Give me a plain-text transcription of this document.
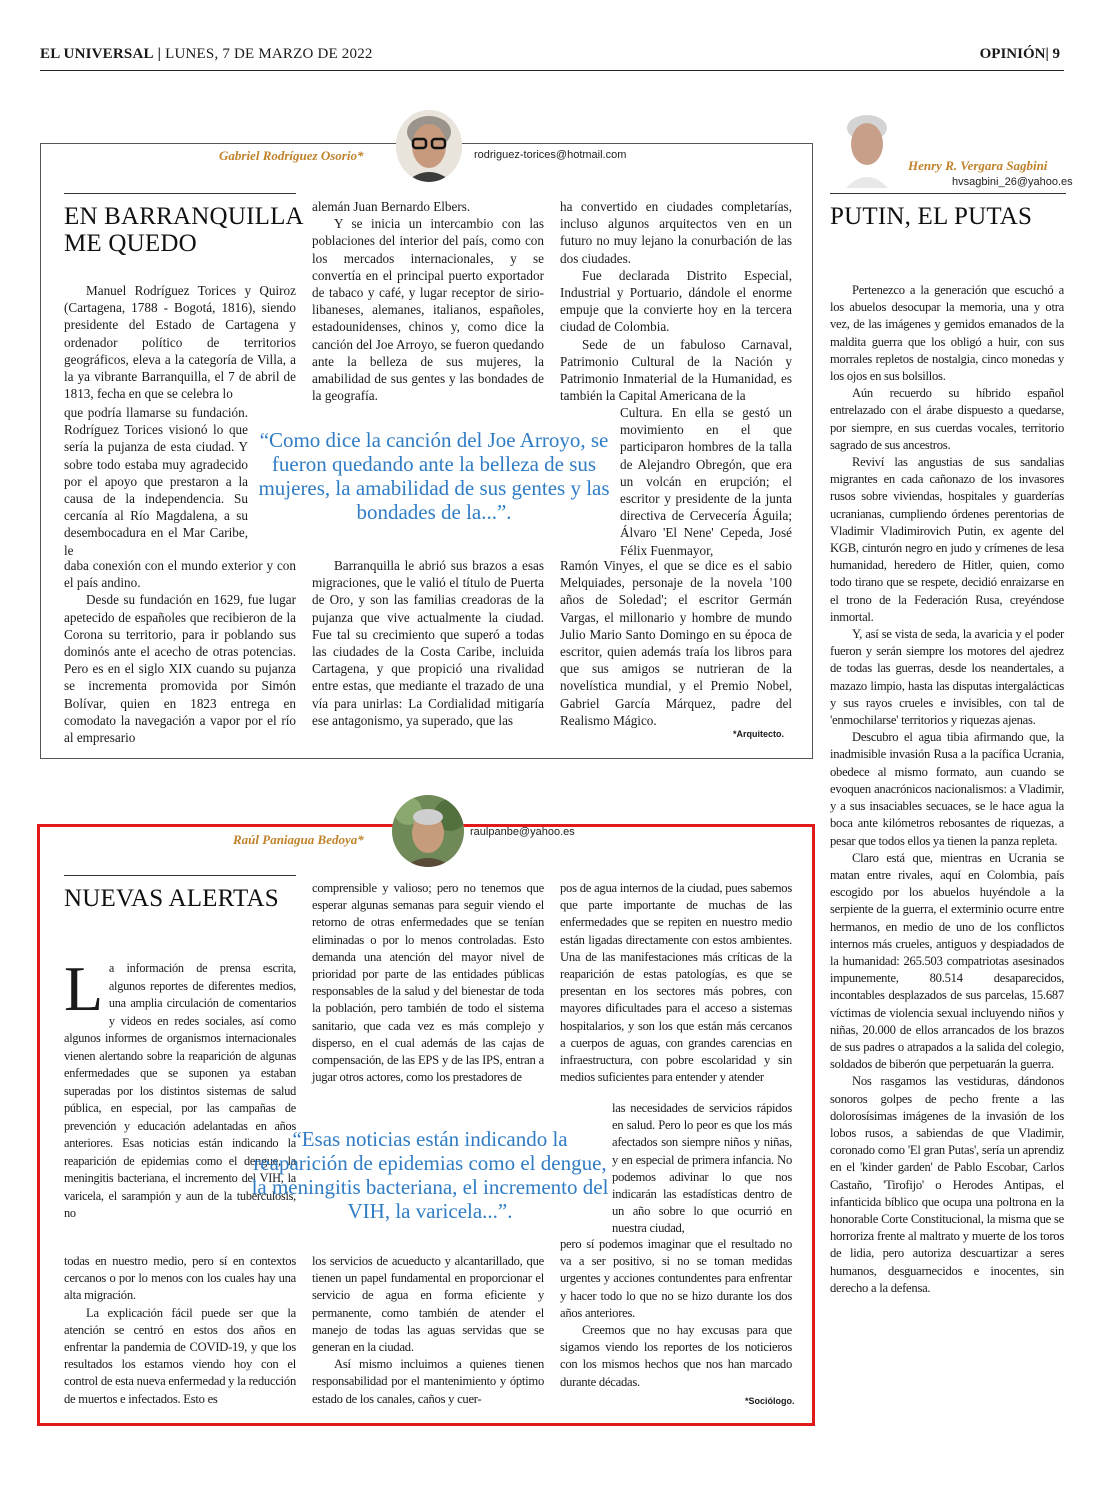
EL UNIVERSAL | LUNES, 7 DE MARZO DE 2022	OPINIÓN| 9
Gabriel Rodríguez Osorio*	rodriguez-torices@hotmail.com
EN BARRANQUILLA ME QUEDO

Manuel Rodríguez Torices y Quiroz (Cartagena, 1788 - Bogotá, 1816), siendo presidente del Estado de Cartagena y ordenador político de territorios geográficos, eleva a la categoría de Villa, a la ya vibrante Barranquilla, el 7 de abril de 1813, fecha en que se celebra lo

que podría llamarse su fundación. Rodríguez Torices visionó lo que sería la pujanza de esta ciudad. Y sobre todo estaba muy agradecido por el apoyo que prestaron a la causa de la independencia. Su cercanía al Río Magdalena, a su desembocadura en el Mar Caribe, le

daba conexión con el mundo exterior y con el país andino.

Desde su fundación en 1629, fue lugar apetecido de españoles que recibieron de la Corona su territorio, para ir poblando sus dominós ante el acecho de otras potencias. Pero es en el siglo XIX cuando su pujanza se incrementa promovida por Simón Bolívar, quien en 1823 entrega en comodato la navegación a vapor por el río al empresario

alemán Juan Bernardo Elbers.

Y se inicia un intercambio con las poblaciones del interior del país, como con los mercados internacionales, y se convertía en el principal puerto exportador de tabaco y café, y lugar receptor de sirio-libaneses, alemanes, italianos, españoles, estadounidenses, chinos y, como dice la canción del Joe Arroyo, se fueron quedando ante la belleza de sus mujeres, la amabilidad de sus gentes y las bondades de la geografía.

Barranquilla le abrió sus brazos a esas migraciones, que le valió el título de Puerta de Oro, y son las familias creadoras de la pujanza que vive actualmente la ciudad. Fue tal su crecimiento que superó a todas las ciudades de la Costa Caribe, incluida Cartagena, y que propició una rivalidad entre estas, que mediante el trazado de una vía para unirlas: La Cordialidad mitigaría ese antagonismo, ya superado, que las

ha convertido en ciudades completarías, incluso algunos arquitectos ven en un futuro no muy lejano la conurbación de las dos ciudades.

Fue declarada Distrito Especial, Industrial y Portuario, dándole el enorme empuje que la convierte hoy en la tercera ciudad de Colombia.

Sede de un fabuloso Carnaval, Patrimonio Cultural de la Nación y Patrimonio Inmaterial de la Humanidad, es también la Capital Americana de la

Cultura. En ella se gestó un movimiento en el que participaron hombres de la talla de Alejandro Obregón, que era un volcán en erupción; el escritor y presidente de la junta directiva de Cervecería Águila; Álvaro 'El Nene' Cepeda, José Félix Fuenmayor,

Ramón Vinyes, el que se dice es el sabio Melquiades, personaje de la novela '100 años de Soledad'; el escritor Germán Vargas, el millonario y hombre de mundo Julio Mario Santo Domingo en su época de escritor, quien además traía los libros para que sus amigos se nutrieran de la novelística mundial, y el Premio Nobel, Gabriel García Márquez, padre del Realismo Mágico.

“Como dice la canción del Joe Arroyo, se fueron quedando ante la belleza de sus mujeres, la amabilidad de sus gentes y las bondades de la...”.
*Arquitecto.
Henry R. Vergara Sagbini
hvsagbini_26@yahoo.es
PUTIN, EL PUTAS

Pertenezco a la generación que escuchó a los abuelos desocupar la memoria, una y otra vez, de las imágenes y gemidos emanados de la maldita guerra que los obligó a huir, con sus morrales repletos de nostalgia, cinco monedas y los ojos en sus bolsillos.

Aún recuerdo su híbrido español entrelazado con el árabe dispuesto a quedarse, por siempre, en sus cuerdas vocales, territorio sagrado de sus ancestros.

Reviví las angustias de sus sandalias migrantes en cada cañonazo de los invasores rusos sobre viviendas, hospitales y guarderías ucranianas, cumpliendo órdenes perentorias de Vladimir Vladimirovich Putin, ex agente del KGB, cinturón negro en judo y crímenes de lesa humanidad, heredero de Hitler, quien, como todo tirano que se respete, decidió enraizarse en el trono de la Federación Rusa, creyéndose inmortal.

Y, así se vista de seda, la avaricia y el poder fueron y serán siempre los motores del ajedrez de todas las guerras, desde los neandertales, a mazazo limpio, hasta las disputas intergalácticas y sus rayos crueles e invisibles, con tal de 'enmochilarse' territorios y riquezas ajenas.

Descubro el agua tibia afirmando que, la inadmisible invasión Rusa a la pacífica Ucrania, obedece al mismo formato, aun cuando se evoquen anacrónicos nacionalismos: a Vladimir, y a sus insaciables secuaces, se le hace agua la boca ante kilómetros rebosantes de riquezas, a pesar que todos ellos ya tienen la panza repleta.

Claro está que, mientras en Ucrania se matan entre rivales, aquí en Colombia, país escogido por los abuelos huyéndole a la serpiente de la guerra, el exterminio ocurre entre hermanos, en medio de uno de los conflictos internos más crueles, antiguos y despiadados de la humanidad: 265.503 compatriotas asesinados impunemente, 80.514 desaparecidos, incontables desplazados de sus parcelas, 15.687 víctimas de violencia sexual incluyendo niños y niñas, 20.000 de ellos arrancados de los brazos de sus padres o atrapados a la salida del colegio, soldados de biberón que perpetuarán la guerra.

Nos rasgamos las vestiduras, dándonos sonoros golpes de pecho frente a las dolorosísimas imágenes de la invasión de los lobos rusos, a sabiendas de que Vladimir, coronado como 'El gran Putas', sería un aprendiz en el 'kinder garden' de Pablo Escobar, Carlos Castaño, 'Tirofijo' o Herodes Antipas, el infanticida bíblico que ocupa una poltrona en la honorable Corte Constitucional, la misma que se horroriza frente al maltrato y muerte de los toros de lidia, pero autoriza descuartizar a seres humanos, desguarnecidos e inocentes, sin derecho a la defensa.

Raúl Paniagua Bedoya*	raulpanbe@yahoo.es
NUEVAS ALERTAS

La información de prensa escrita, algunos reportes de diferentes medios, una amplia circulación de comentarios y videos en redes sociales, así como algunos informes de organismos internacionales vienen alertando sobre la reaparición de algunas enfermedades que se suponen ya estaban superadas por los distintos sistemas de salud pública, en especial, por las campañas de prevención y educación adelantadas en años anteriores. Esas noticias están indicando la reaparición de epidemias como el dengue, la meningitis bacteriana, el incremento del VIH, la varicela, el sarampión y aun de la tuberculosis, no

todas en nuestro medio, pero sí en contextos cercanos o por lo menos con los cuales hay una alta migración.

La explicación fácil puede ser que la atención se centró en estos dos años en enfrentar la pandemia de COVID-19, y que los resultados los estamos viendo hoy con el control de esta nueva enfermedad y la reducción de muertos e infectados. Esto es

comprensible y valioso; pero no tenemos que esperar algunas semanas para seguir viendo el retorno de otras enfermedades que se tenían eliminadas o por lo menos controladas. Esto demanda una atención del mayor nivel de prioridad por parte de las entidades públicas responsables de la salud y del bienestar de toda la población, pero también de todo el sistema sanitario, que cada vez es más complejo y disperso, en el cual además de las cajas de compensación, de las EPS y de las IPS, entran a jugar otros actores, como los prestadores de

los servicios de acueducto y alcantarillado, que tienen un papel fundamental en proporcionar el servicio de agua en forma eficiente y permanente, como también de atender el manejo de todas las aguas servidas que se generan en la ciudad.

Así mismo incluimos a quienes tienen responsabilidad por el mantenimiento y óptimo estado de los canales, caños y cuer-

pos de agua internos de la ciudad, pues sabemos que parte importante de muchas de las enfermedades que se repiten en nuestro medio están ligadas directamente con estos ambientes. Una de las manifestaciones más críticas de la reaparición de estas patologías, es que se presentan en los sectores más pobres, con mayores dificultades para el acceso a sistemas hospitalarios, y son los que están más cercanos a cuerpos de aguas, con grandes carencias en infraestructura, con pobre escolaridad y sin medios suficientes para entender y atender

las necesidades de servicios rápidos en salud. Pero lo peor es que los más afectados son siempre niños y niñas, y en especial de primera infancia. No podemos adivinar lo que nos indicarán las estadísticas dentro de un año sobre lo que ocurrió en nuestra ciudad,

pero sí podemos imaginar que el resultado no va a ser positivo, si no se toman medidas urgentes y acciones contundentes para enfrentar y hacer todo lo que no se hizo durante los dos años anteriores.

Creemos que no hay excusas para que sigamos viendo los reportes de los noticieros con los mismos hechos que nos han marcado durante décadas.

“Esas noticias están indicando la reaparición de epidemias como el dengue, la meningitis bacteriana, el incremento del VIH, la varicela...”.
*Sociólogo.
